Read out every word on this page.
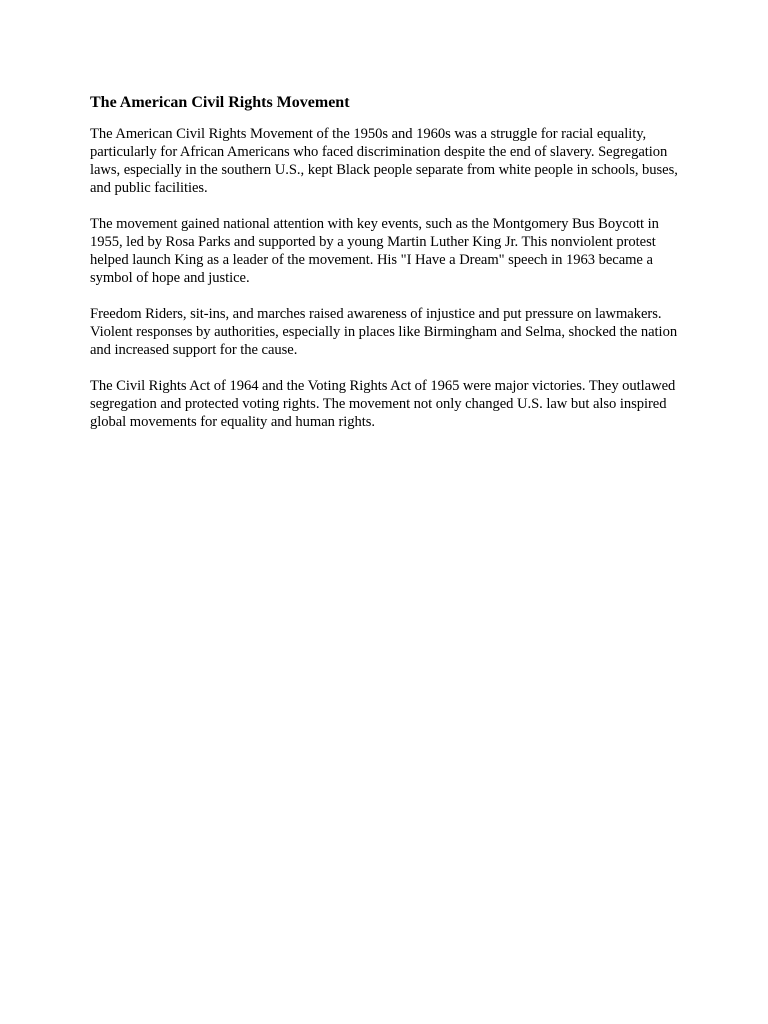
The American Civil Rights Movement

The American Civil Rights Movement of the 1950s and 1960s was a struggle for racial equality, particularly for African Americans who faced discrimination despite the end of slavery. Segregation laws, especially in the southern U.S., kept Black people separate from white people in schools, buses, and public facilities.

The movement gained national attention with key events, such as the Montgomery Bus Boycott in 1955, led by Rosa Parks and supported by a young Martin Luther King Jr. This nonviolent protest helped launch King as a leader of the movement. His "I Have a Dream" speech in 1963 became a symbol of hope and justice.

Freedom Riders, sit-ins, and marches raised awareness of injustice and put pressure on lawmakers. Violent responses by authorities, especially in places like Birmingham and Selma, shocked the nation and increased support for the cause.

The Civil Rights Act of 1964 and the Voting Rights Act of 1965 were major victories. They outlawed segregation and protected voting rights. The movement not only changed U.S. law but also inspired global movements for equality and human rights.
